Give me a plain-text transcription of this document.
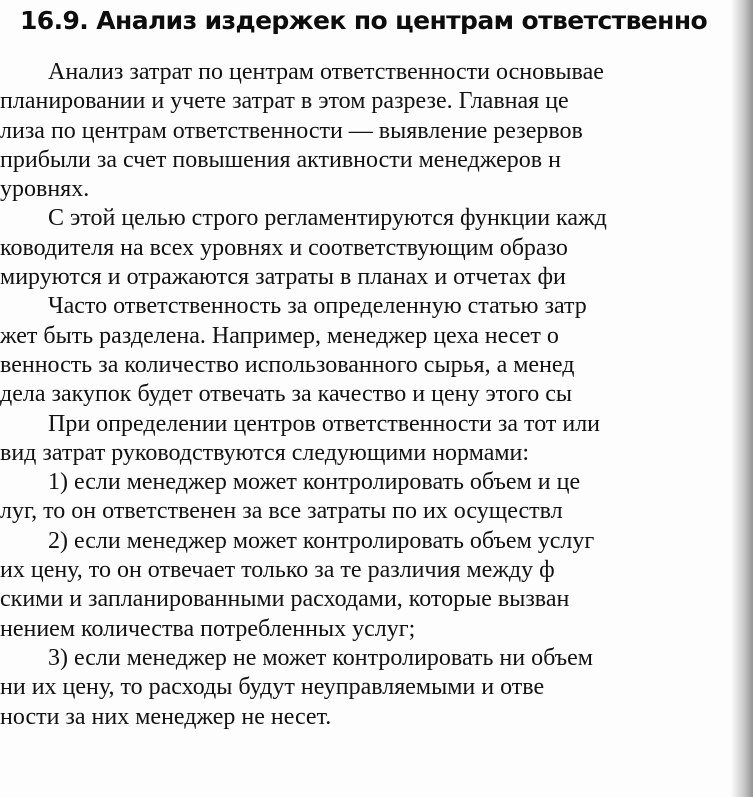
16.9. Анализ издержек по центрам ответственно
Анализ затрат по центрам ответственности основывае
планировании и учете затрат в этом разрезе. Главная це
лиза по центрам ответственности — выявление резервов
прибыли за счет повышения активности менеджеров н
уровнях.
С этой целью строго регламентируются функции кажд
ководителя на всех уровнях и соответствующим образо
мируются и отражаются затраты в планах и отчетах фи
Часто ответственность за определенную статью затр
жет быть разделена. Например, менеджер цеха несет о
венность за количество использованного сырья, а менед
дела закупок будет отвечать за качество и цену этого сы
При определении центров ответственности за тот или
вид затрат руководствуются следующими нормами:
1) если менеджер может контролировать объем и це
луг, то он ответственен за все затраты по их осуществл
2) если менеджер может контролировать объем услуг
их цену, то он отвечает только за те различия между ф
скими и запланированными расходами, которые вызван
нением количества потребленных услуг;
3) если менеджер не может контролировать ни объем
ни их цену, то расходы будут неуправляемыми и отве
ности за них менеджер не несет.
